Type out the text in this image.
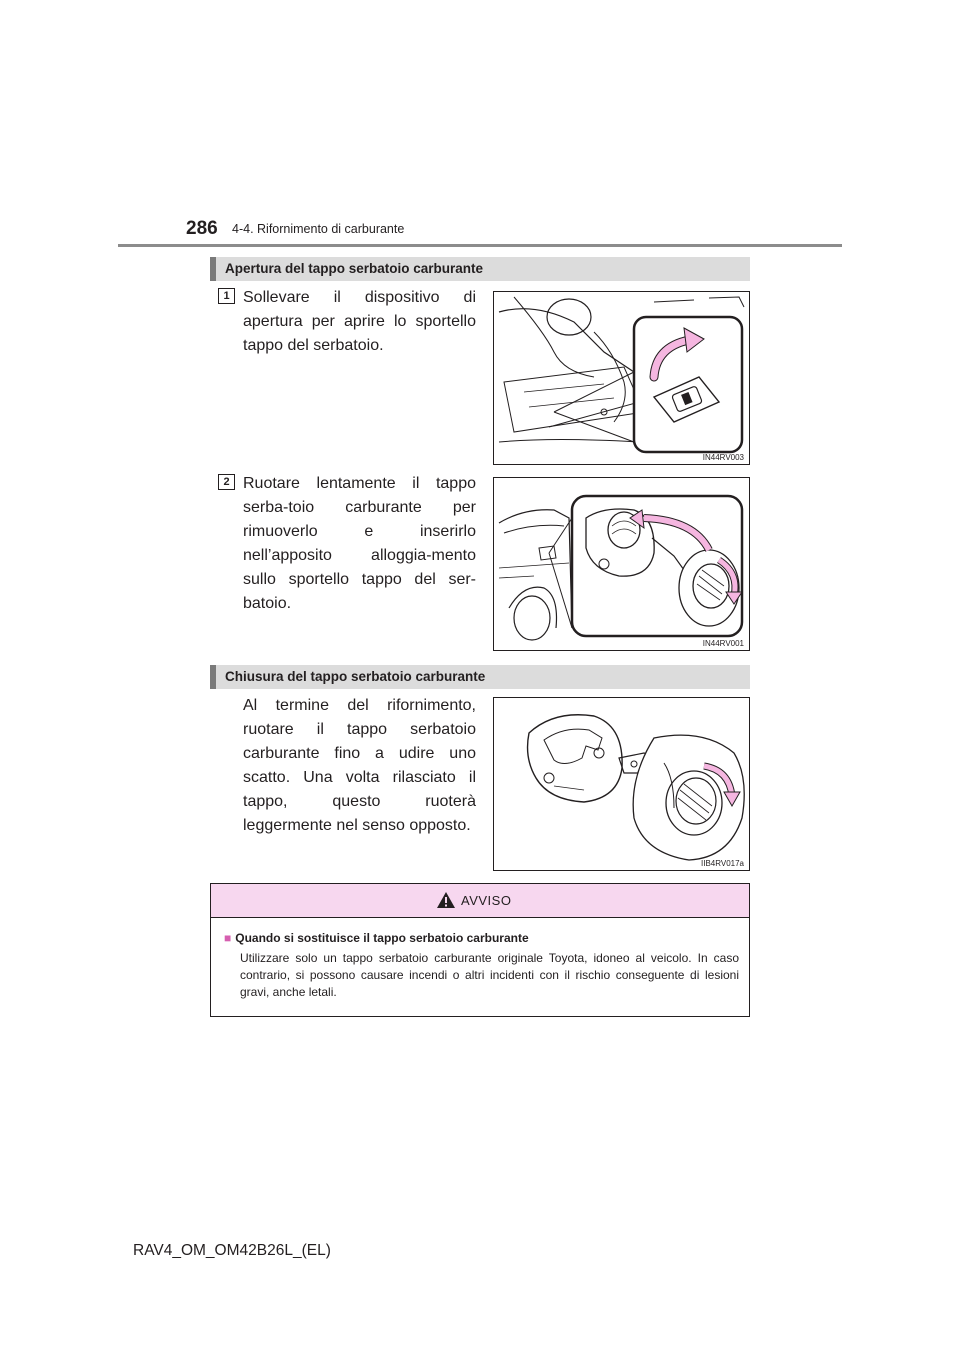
286 4-4. Rifornimento di carburante
Apertura del tappo serbatoio carburante
1 Sollevare il dispositivo di apertura per aprire lo sportello tappo del serbatoio.
IN44RV003
2 Ruotare lentamente il tappo serba-toio carburante per rimuoverlo e inserirlo nell’apposito alloggia-mento sullo sportello tappo del ser-batoio.
IN44RV001
Chiusura del tappo serbatoio carburante
Al termine del rifornimento, ruotare il tappo serbatoio carburante fino a udire uno scatto. Una volta rilasciato il tappo, questo ruoterà leggermente nel senso opposto.
IIB4RV017a
AVVISO
■ Quando si sostituisce il tappo serbatoio carburante
Utilizzare solo un tappo serbatoio carburante originale Toyota, idoneo al veicolo. In caso contrario, si possono causare incendi o altri incidenti con il rischio conseguente di lesioni gravi, anche letali.
RAV4_OM_OM42B26L_(EL)
